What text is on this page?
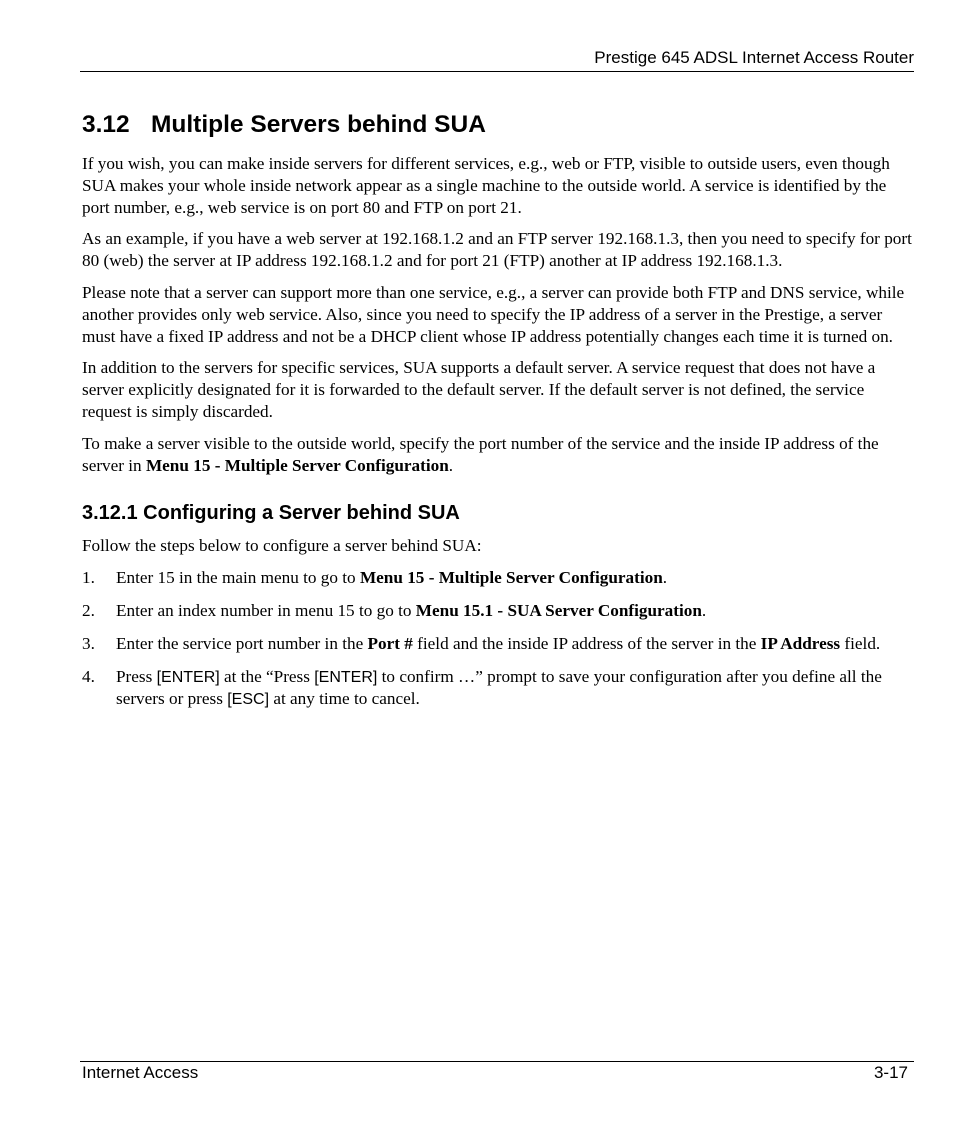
Prestige 645 ADSL Internet Access Router
3.12 Multiple Servers behind SUA

If you wish, you can make inside servers for different services, e.g., web or FTP, visible to outside users, even though SUA makes your whole inside network appear as a single machine to the outside world. A service is identified by the port number, e.g., web service is on port 80 and FTP on port 21.

As an example, if you have a web server at 192.168.1.2 and an FTP server 192.168.1.3, then you need to specify for port 80 (web) the server at IP address 192.168.1.2 and for port 21 (FTP) another at IP address 192.168.1.3.

Please note that a server can support more than one service, e.g., a server can provide both FTP and DNS service, while another provides only web service. Also, since you need to specify the IP address of a server in the Prestige, a server must have a fixed IP address and not be a DHCP client whose IP address potentially changes each time it is turned on.

In addition to the servers for specific services, SUA supports a default server. A service request that does not have a server explicitly designated for it is forwarded to the default server. If the default server is not defined, the service request is simply discarded.

To make a server visible to the outside world, specify the port number of the service and the inside IP address of the server in Menu 15 - Multiple Server Configuration.

3.12.1 Configuring a Server behind SUA

Follow the steps below to configure a server behind SUA:

1. Enter 15 in the main menu to go to Menu 15 - Multiple Server Configuration.
2. Enter an index number in menu 15 to go to Menu 15.1 - SUA Server Configuration.
3. Enter the service port number in the Port # field and the inside IP address of the server in the IP Address field.
4. Press [ENTER] at the “Press [ENTER] to confirm …” prompt to save your configuration after you define all the servers or press [ESC] at any time to cancel.
Internet Access	3-17
